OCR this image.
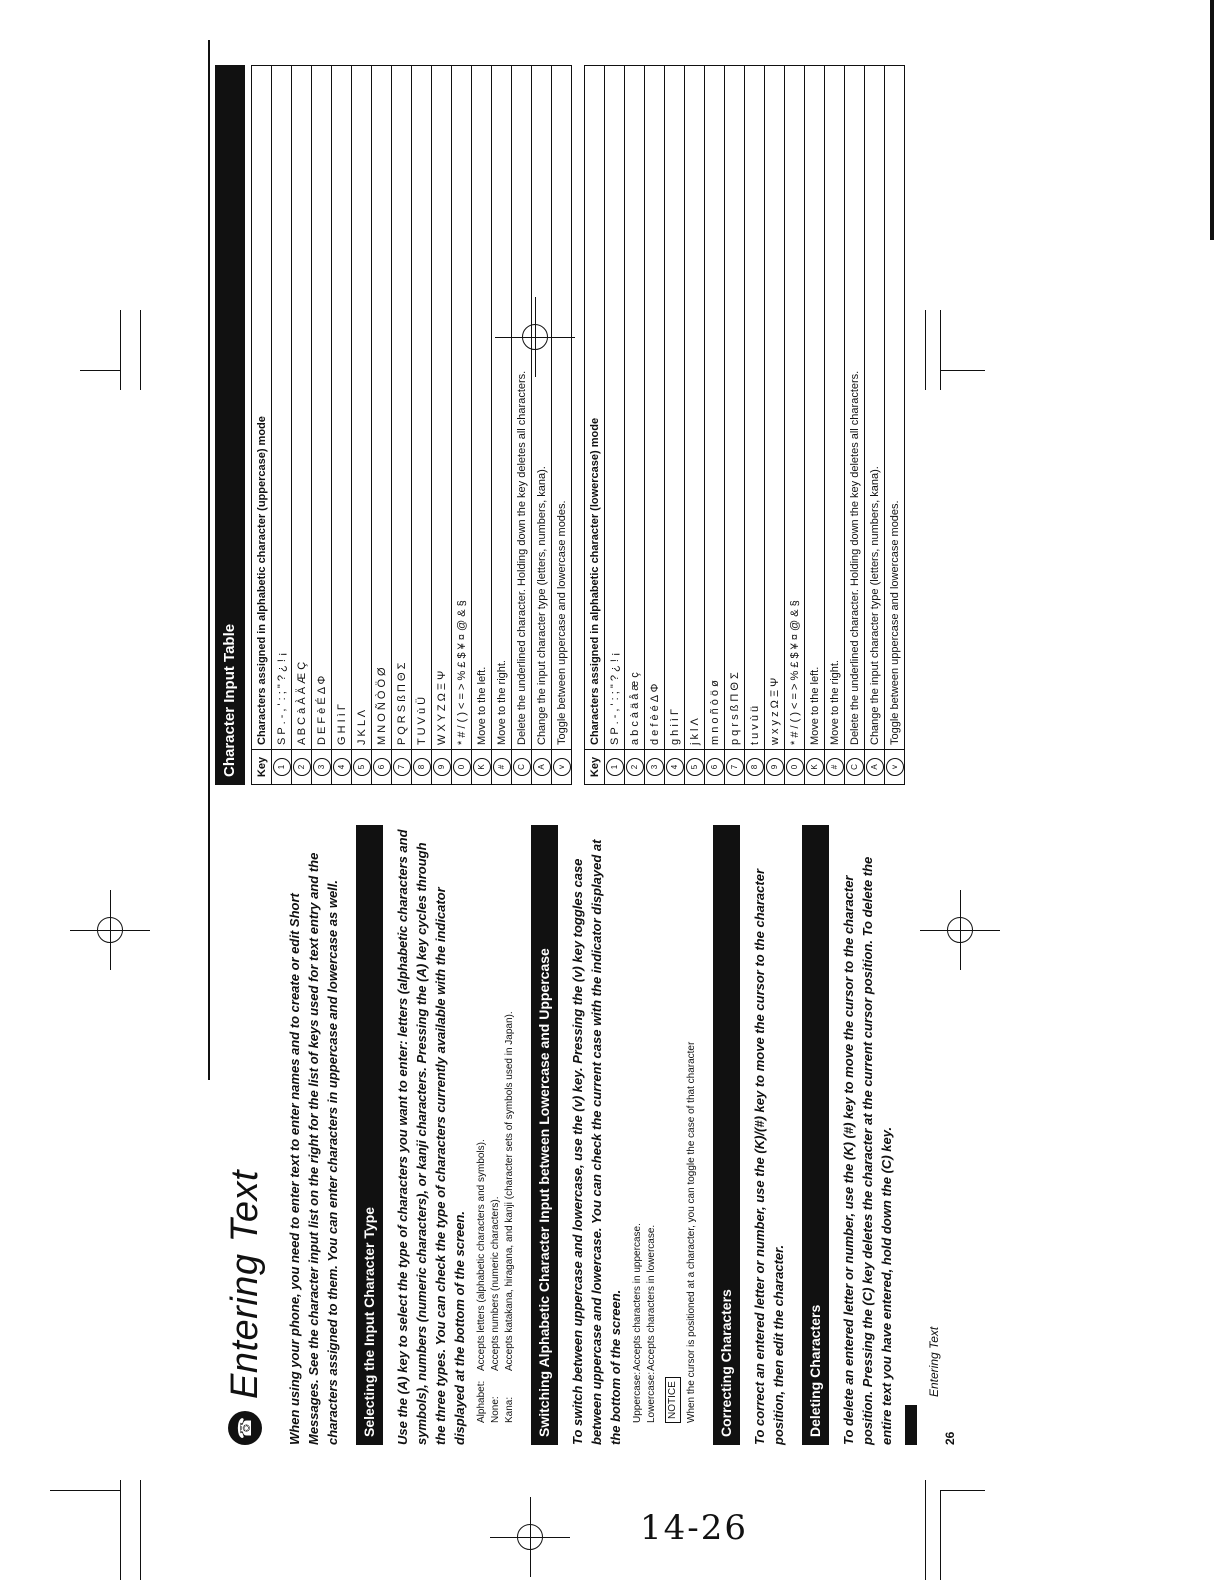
14-26
☎
Entering Text When using your phone, you need to enter text to enter names and to create or edit Short Messages. See the character input list on the right for the list of keys used for text entry and the characters assigned to them. You can enter characters in uppercase and lowercase as well.	Selecting the Input Character Type	Use the (A) key to select the type of characters you want to enter: letters (alphabetic characters and symbols), numbers (numeric characters), or kanji characters. Pressing the (A) key cycles through the three types. You can check the type of characters currently available with the indicator displayed at the bottom of the screen. Alphabet:
Accepts letters (alphabetic characters and symbols).
None:
Accepts numbers (numeric characters).
Kana:
Accepts katakana, hiragana, and kanji (character sets of symbols used in Japan).	Switching Alphabetic Character Input between Lowercase and Uppercase	To switch between uppercase and lowercase, use the (v) key. Pressing the (v) key toggles case between uppercase and lowercase. You can check the current case with the indicator displayed at the bottom of the screen. Uppercase:
Accepts characters in uppercase.
Lowercase:
Accepts characters in lowercase.
NOTICE When the cursor is positioned at a character, you can toggle the case of that character	Correcting Characters	To correct an entered letter or number, use the (K)/(#) key to move the cursor to the character position, then edit the character.	Deleting Characters	To delete an entered letter or number, use the (K) (#) key to move the cursor to the character position. Pressing the (C) key deletes the character at the current cursor position. To delete the entire text you have entered, hold down the (C) key.	26
Entering Text
Character Input Table	Key	Characters assigned in alphabetic character (uppercase) mode
1	S P . - , ' : ; " ? ¿ ! ¡
2	A B C à À Ä Æ Ç
3	D E F è É Δ Φ
4	G H I ì Γ
5	J K L Λ
6	M N O Ñ Ò Ö Ø
7	P Q R S ß Π Θ Σ
8	T U V ù Ü
9	W X Y Z Ω Ξ Ψ
0	* # / ( ) < = > % £ $ ¥ ¤ @ & §
K	Move to the left.
#	Move to the right.
C	Delete the underlined character. Holding down the key deletes all characters.
A	Change the input character type (letters, numbers, kana).
v	Toggle between uppercase and lowercase modes.
Key	Characters assigned in alphabetic character (lowercase) mode
1	S P . - , ' : ; " ? ¿ ! ¡
2	a b c à ä å æ ç
3	d e f è é Δ Φ
4	g h i ì Γ
5	j k l Λ
6	m n o ñ ò ö ø
7	p q r s ß Π Θ Σ
8	t u v ù ü
9	w x y z Ω Ξ Ψ
0	* # / ( ) < = > % £ $ ¥ ¤ @ & §
K	Move to the left.
#	Move to the right.
C	Delete the underlined character. Holding down the key deletes all characters.
A	Change the input character type (letters, numbers, kana).
v	Toggle between uppercase and lowercase modes.
